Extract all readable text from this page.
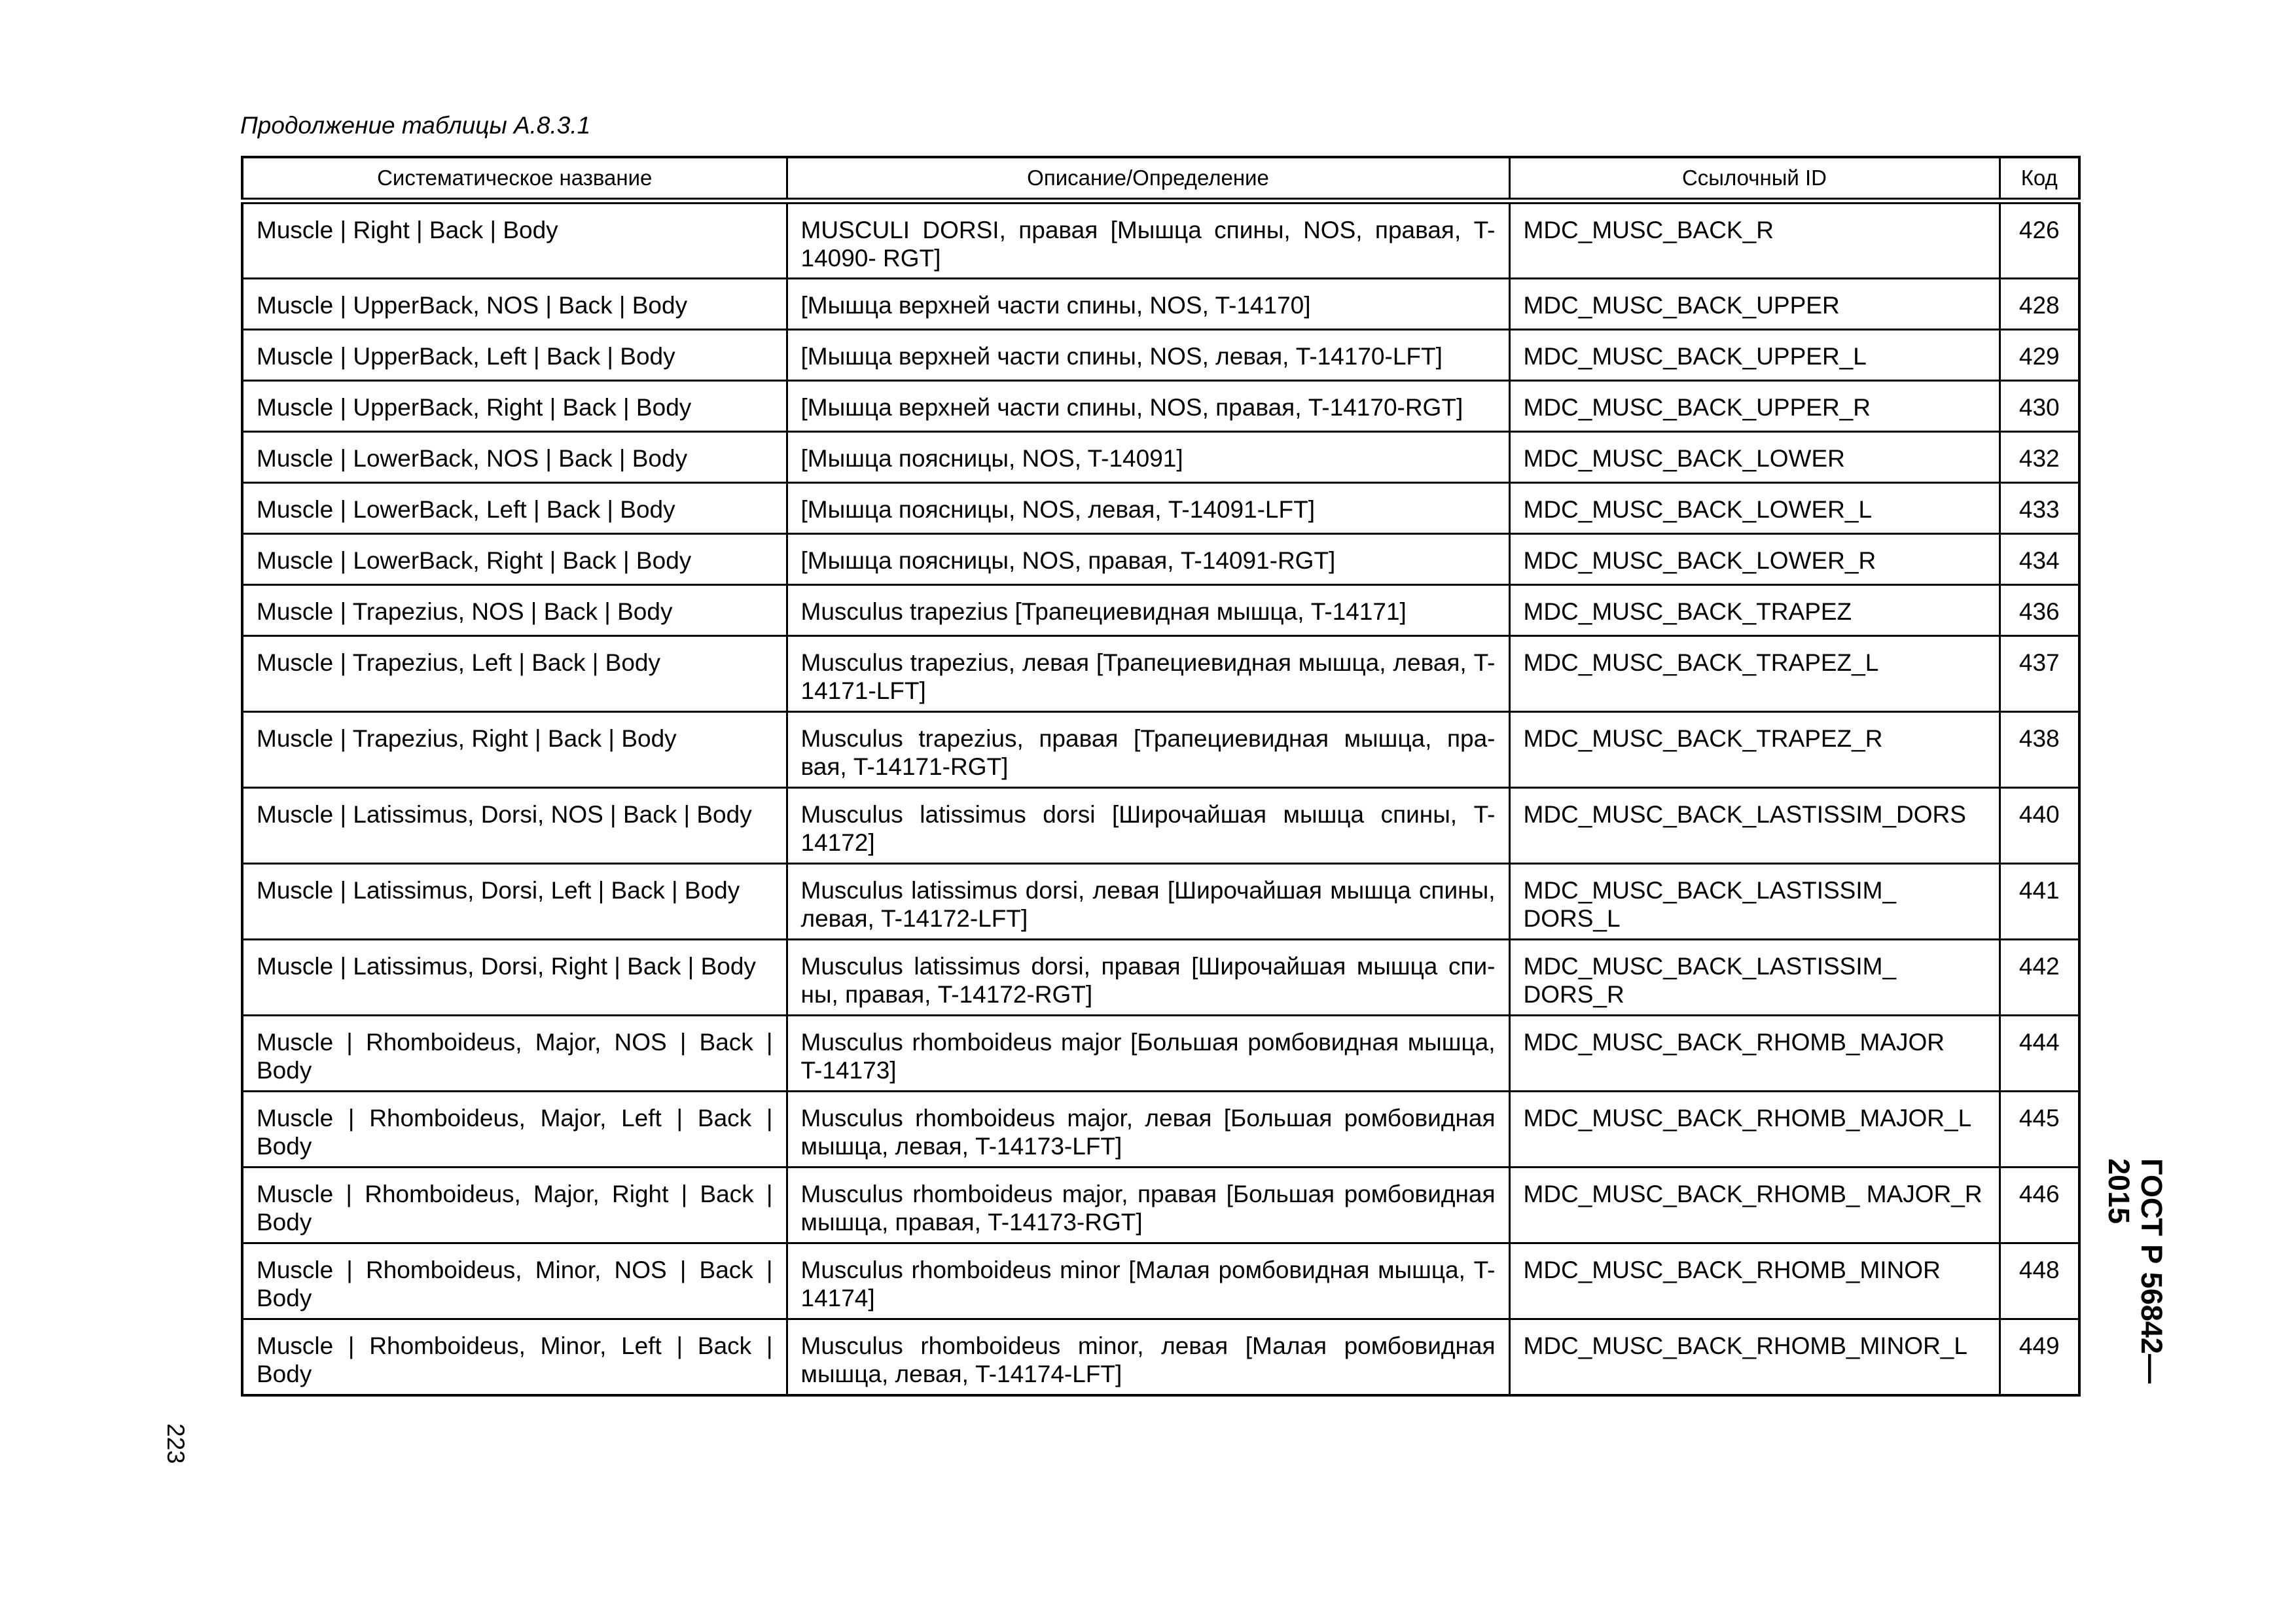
Продолжение таблицы А.8.3.1
Систематическое название	Описание/Определение	Ссылочный ID	Код
Muscle | Right | Back | Body	MUSCULI DORSI, правая [Мышца спины, NOS, правая, T-14090- RGT]	MDC_MUSC_BACK_R	426
Muscle | UpperBack, NOS | Back | Body	[Мышца верхней части спины, NOS, T-14170]	MDC_MUSC_BACK_UPPER	428
Muscle | UpperBack, Left | Back | Body	[Мышца верхней части спины, NOS, левая, T-14170-LFT]	MDC_MUSC_BACK_UPPER_L	429
Muscle | UpperBack, Right | Back | Body	[Мышца верхней части спины, NOS, правая, T-14170-RGT]	MDC_MUSC_BACK_UPPER_R	430
Muscle | LowerBack, NOS | Back | Body	[Мышца поясницы, NOS, T-14091]	MDC_MUSC_BACK_LOWER	432
Muscle | LowerBack, Left | Back | Body	[Мышца поясницы, NOS, левая, T-14091-LFT]	MDC_MUSC_BACK_LOWER_L	433
Muscle | LowerBack, Right | Back | Body	[Мышца поясницы, NOS, правая, T-14091-RGT]	MDC_MUSC_BACK_LOWER_R	434
Muscle | Trapezius, NOS | Back | Body	Musculus trapezius [Трапециевидная мышца, T-14171]	MDC_MUSC_BACK_TRAPEZ	436
Muscle | Trapezius, Left | Back | Body	Musculus trapezius, левая [Трапециевидная мышца, левая, T-14171-LFT]	MDC_MUSC_BACK_TRAPEZ_L	437
Muscle | Trapezius, Right | Back | Body	Musculus trapezius, правая [Трапециевидная мышца, пра-вая, T-14171-RGT]	MDC_MUSC_BACK_TRAPEZ_R	438
Muscle | Latissimus, Dorsi, NOS | Back | Body	Musculus latissimus dorsi [Широчайшая мышца спины, T-14172]	MDC_MUSC_BACK_LASTISSIM_DORS	440
Muscle | Latissimus, Dorsi, Left | Back | Body	Musculus latissimus dorsi, левая [Широчайшая мышца спины, левая, T-14172-LFT]	MDC_MUSC_BACK_LASTISSIM_ DORS_L	441
Muscle | Latissimus, Dorsi, Right | Back | Body	Musculus latissimus dorsi, правая [Широчайшая мышца спи-ны, правая, T-14172-RGT]	MDC_MUSC_BACK_LASTISSIM_ DORS_R	442
Muscle | Rhomboideus, Major, NOS | Back | Body	Musculus rhomboideus major [Большая ромбовидная мышца, T-14173]	MDC_MUSC_BACK_RHOMB_MAJOR	444
Muscle | Rhomboideus, Major, Left | Back | Body	Musculus rhomboideus major, левая [Большая ромбовидная мышца, левая, T-14173-LFT]	MDC_MUSC_BACK_RHOMB_MAJOR_L	445
Muscle | Rhomboideus, Major, Right | Back | Body	Musculus rhomboideus major, правая [Большая ромбовидная мышца, правая, T-14173-RGT]	MDC_MUSC_BACK_RHOMB_ MAJOR_R	446
Muscle | Rhomboideus, Minor, NOS | Back | Body	Musculus rhomboideus minor [Малая ромбовидная мышца, T-14174]	MDC_MUSC_BACK_RHOMB_MINOR	448
Muscle | Rhomboideus, Minor, Left | Back | Body	Musculus rhomboideus minor, левая [Малая ромбовидная мышца, левая, T-14174-LFT]	MDC_MUSC_BACK_RHOMB_MINOR_L	449
223
ГОСТ Р 56842—2015
